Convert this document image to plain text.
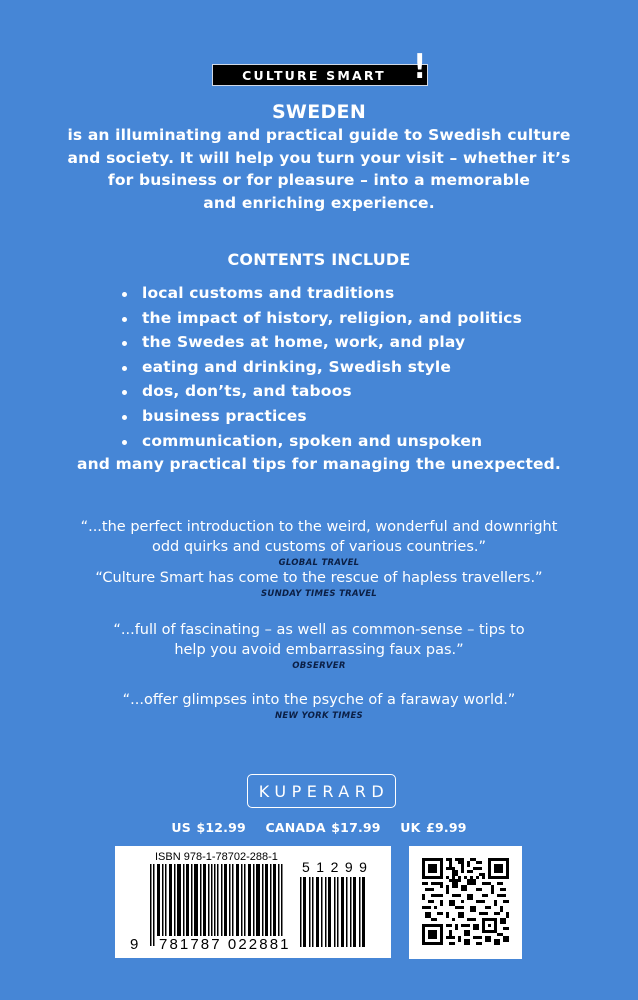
CULTURE SMART !
SWEDEN
is an illuminating and practical guide to Swedish culture
and society. It will help you turn your visit – whether it’s
for business or for pleasure – into a memorable
and enriching experience.
CONTENTS INCLUDE
local customs and traditions
the impact of history, religion, and politics
the Swedes at home, work, and play
eating and drinking, Swedish style
dos, don’ts, and taboos
business practices
communication, spoken and unspoken
and many practical tips for managing the unexpected.
“...the perfect introduction to the weird, wonderful and downright
odd quirks and customs of various countries.”
GLOBAL TRAVEL
“Culture Smart has come to the rescue of hapless travellers.”
SUNDAY TIMES TRAVEL
“...full of fascinating – as well as common-sense – tips to
help you avoid embarrassing faux pas.”
OBSERVER
“...offer glimpses into the psyche of a faraway world.”
NEW YORK TIMES
KUPERARD
US $12.99 CANADA $17.99 UK £9.99
ISBN 978-1-78702-288-1
51299
9 781787 022881
